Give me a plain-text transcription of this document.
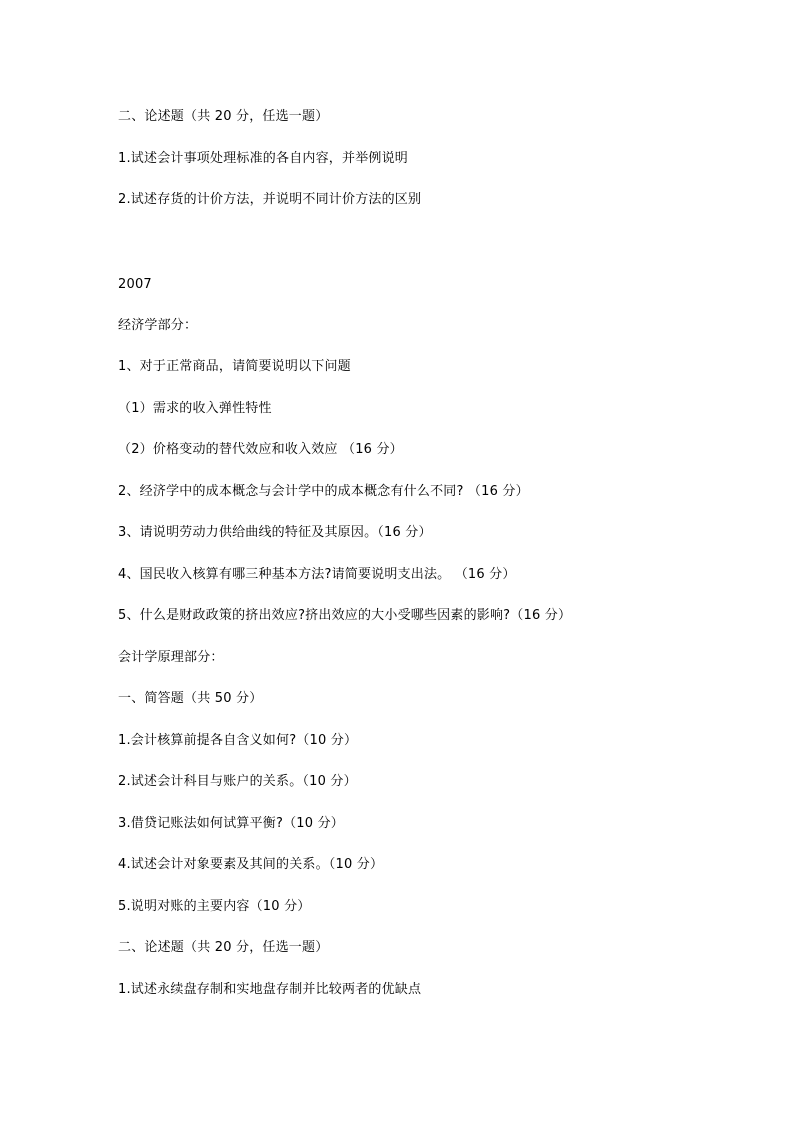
二、论述题（共 20 分，任选一题）
1.试述会计事项处理标准的各自内容，并举例说明
2.试述存货的计价方法，并说明不同计价方法的区别
2007
经济学部分：
1、对于正常商品，请简要说明以下问题
（1）需求的收入弹性特性
（2）价格变动的替代效应和收入效应 （16 分）
2、经济学中的成本概念与会计学中的成本概念有什么不同? （16 分）
3、请说明劳动力供给曲线的特征及其原因。（16 分）
4、国民收入核算有哪三种基本方法?请简要说明支出法。 （16 分）
5、什么是财政政策的挤出效应?挤出效应的大小受哪些因素的影响?（16 分）
会计学原理部分：
一、简答题（共 50 分）
1.会计核算前提各自含义如何?（10 分）
2.试述会计科目与账户的关系。（10 分）
3.借贷记账法如何试算平衡?（10 分）
4.试述会计对象要素及其间的关系。（10 分）
5.说明对账的主要内容（10 分）
二、论述题（共 20 分，任选一题）
1.试述永续盘存制和实地盘存制并比较两者的优缺点
